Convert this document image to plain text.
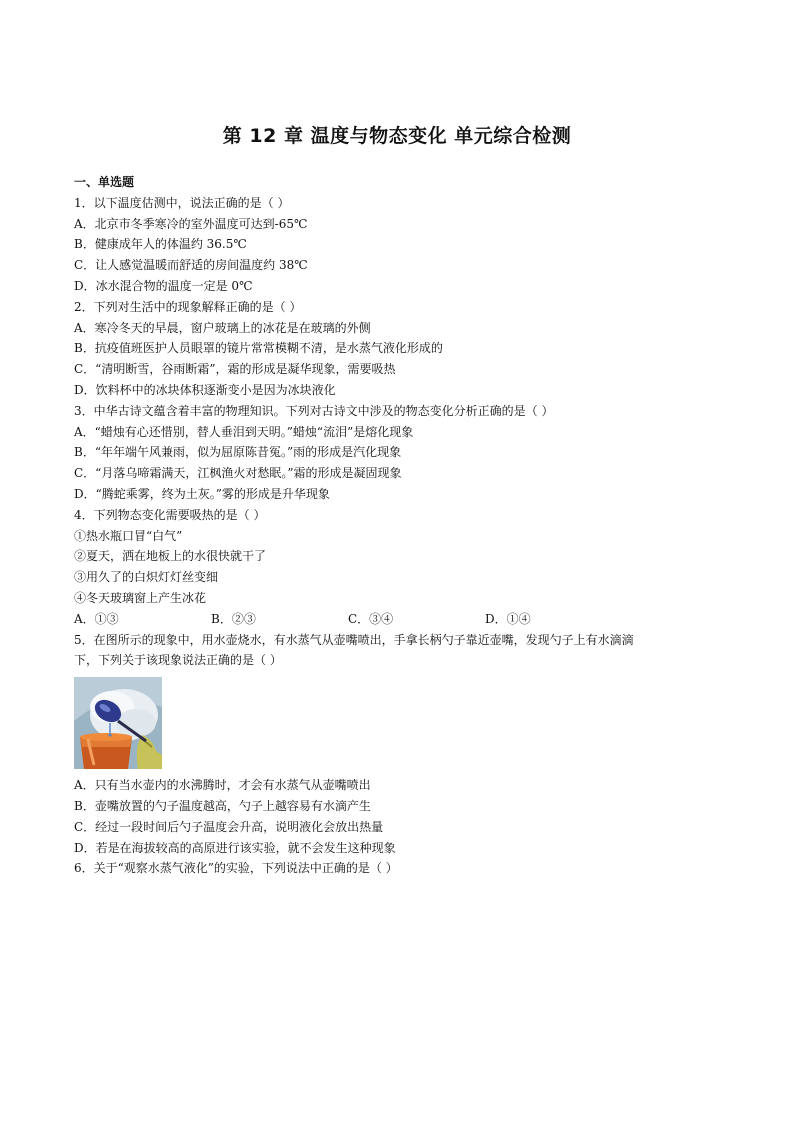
第 12 章 温度与物态变化 单元综合检测
一、单选题
1．以下温度估测中，说法正确的是（ ）
A．北京市冬季寒冷的室外温度可达到-65℃
B．健康成年人的体温约 36.5℃
C．让人感觉温暖而舒适的房间温度约 38℃
D．冰水混合物的温度一定是 0℃
2．下列对生活中的现象解释正确的是（ ）
A．寒冷冬天的早晨，窗户玻璃上的冰花是在玻璃的外侧
B．抗疫值班医护人员眼罩的镜片常常模糊不清，是水蒸气液化形成的
C．“清明断雪，谷雨断霜”，霜的形成是凝华现象，需要吸热
D．饮料杯中的冰块体积逐渐变小是因为冰块液化
3．中华古诗文蕴含着丰富的物理知识。下列对古诗文中涉及的物态变化分析正确的是（ ）
A．“蜡烛有心还惜别，替人垂泪到天明。”蜡烛“流泪”是熔化现象
B．“年年端午风兼雨，似为屈原陈昔冤。”雨的形成是汽化现象
C．“月落乌啼霜满天，江枫渔火对愁眠。”霜的形成是凝固现象
D．“腾蛇乘雾，终为土灰。”雾的形成是升华现象
4．下列物态变化需要吸热的是（ ）
①热水瓶口冒“白气”
②夏天，洒在地板上的水很快就干了
③用久了的白炽灯灯丝变细
④冬天玻璃窗上产生冰花
A．①③	B．②③	C．③④	D．①④
5．在图所示的现象中，用水壶烧水，有水蒸气从壶嘴喷出，手拿长柄勺子靠近壶嘴，发现勺子上有水滴滴
下，下列关于该现象说法正确的是（ ）
A．只有当水壶内的水沸腾时，才会有水蒸气从壶嘴喷出
B．壶嘴放置的勺子温度越高，勺子上越容易有水滴产生
C．经过一段时间后勺子温度会升高，说明液化会放出热量
D．若是在海拔较高的高原进行该实验，就不会发生这种现象
6．关于“观察水蒸气液化”的实验，下列说法中正确的是（ ）
